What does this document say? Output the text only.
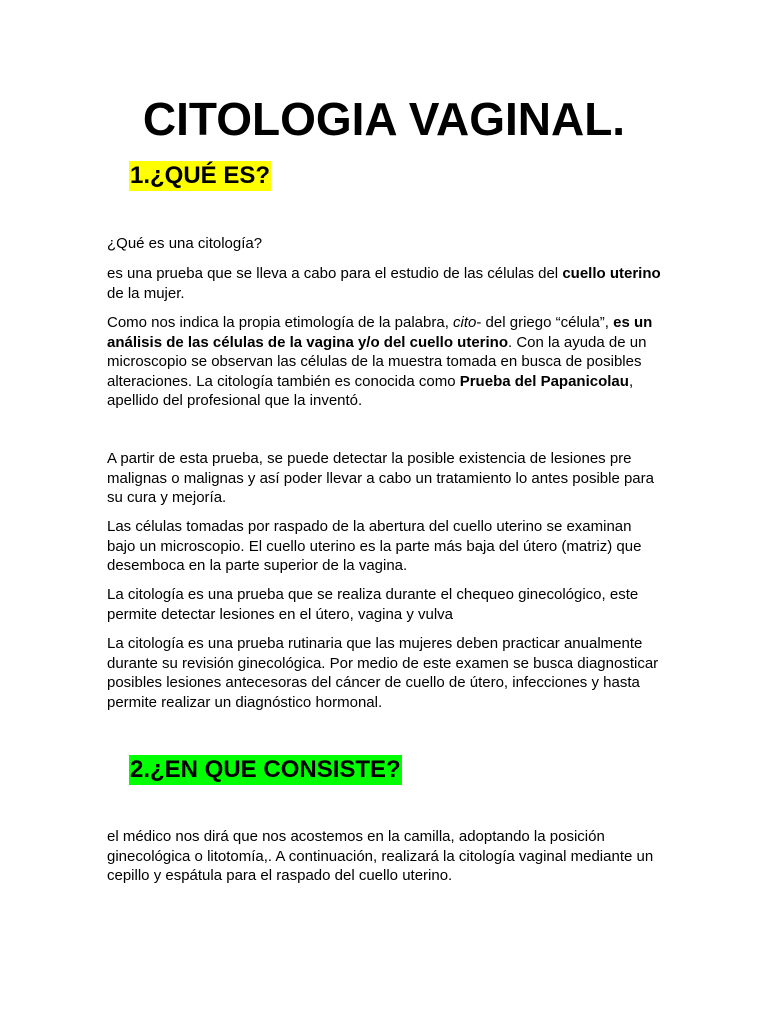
CITOLOGIA VAGINAL.
1.¿QUÉ ES?

¿Qué es una citología?

es una prueba que se lleva a cabo para el estudio de las células del cuello uterino de la mujer.

Como nos indica la propia etimología de la palabra, cito- del griego “célula”, es un análisis de las células de la vagina y/o del cuello uterino. Con la ayuda de un microscopio se observan las células de la muestra tomada en busca de posibles alteraciones. La citología también es conocida como Prueba del Papanicolau, apellido del profesional que la inventó.

A partir de esta prueba, se puede detectar la posible existencia de lesiones pre malignas o malignas y así poder llevar a cabo un tratamiento lo antes posible para su cura y mejoría.

Las células tomadas por raspado de la abertura del cuello uterino se examinan bajo un microscopio. El cuello uterino es la parte más baja del útero (matriz) que desemboca en la parte superior de la vagina.

La citología es una prueba que se realiza durante el chequeo ginecológico, este permite detectar lesiones en el útero, vagina y vulva

La citología es una prueba rutinaria que las mujeres deben practicar anualmente durante su revisión ginecológica. Por medio de este examen se busca diagnosticar posibles lesiones antecesoras del cáncer de cuello de útero, infecciones y hasta permite realizar un diagnóstico hormonal.

2.¿EN QUE CONSISTE?

el médico nos dirá que nos acostemos en la camilla, adoptando la posición ginecológica o litotomía,. A continuación, realizará la citología vaginal mediante un cepillo y espátula para el raspado del cuello uterino.
